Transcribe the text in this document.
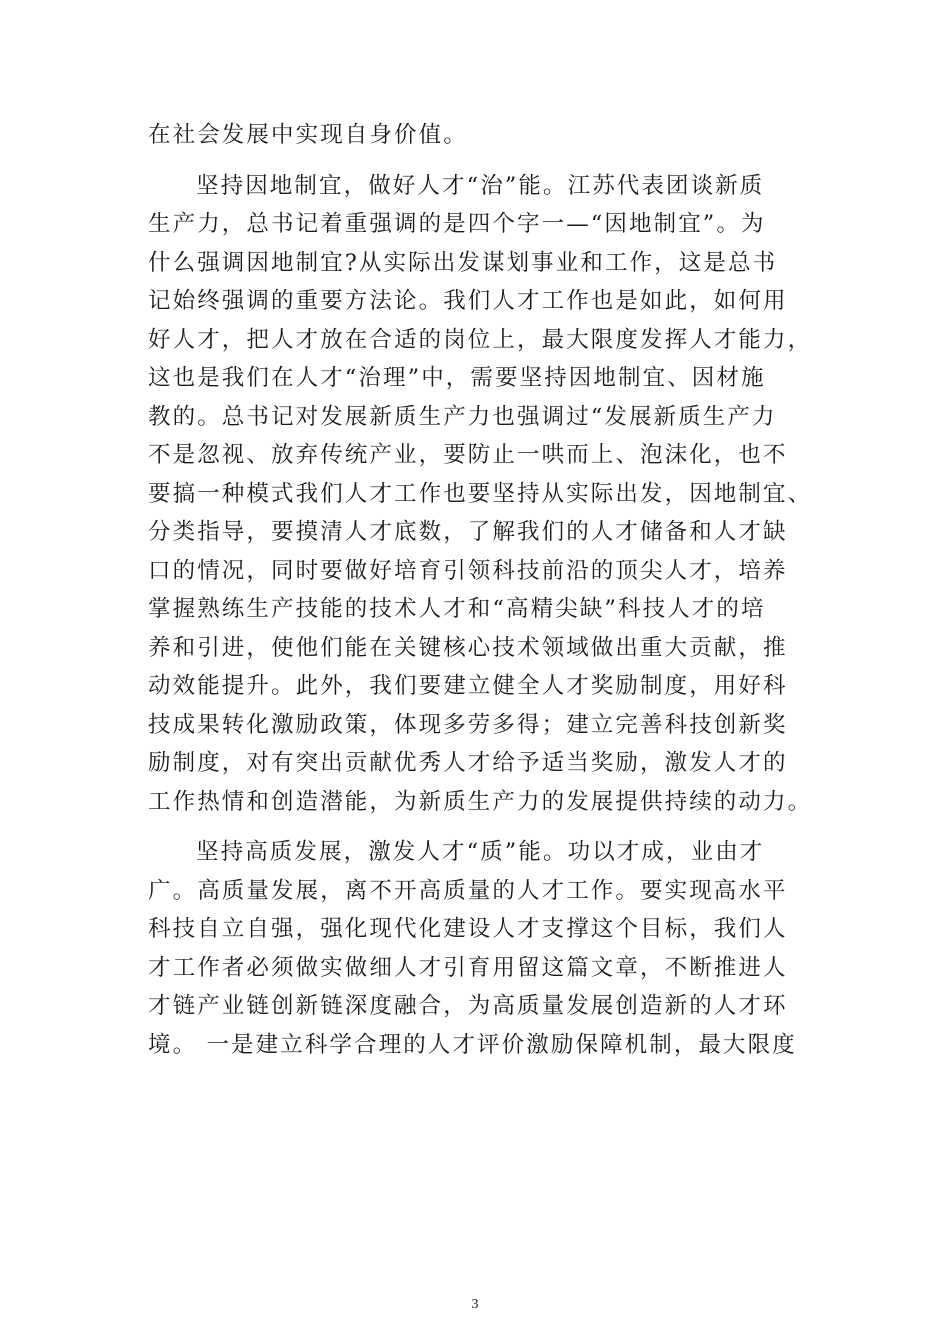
在社会发展中实现自身价值。
坚持因地制宜，做好人才“治”能。江苏代表团谈新质
生产力，总书记着重强调的是四个字一—“因地制宜”。为
什么强调因地制宜?从实际出发谋划事业和工作，这是总书
记始终强调的重要方法论。我们人才工作也是如此，如何用
好人才，把人才放在合适的岗位上，最大限度发挥人才能力，
这也是我们在人才“治理”中，需要坚持因地制宜、因材施
教的。总书记对发展新质生产力也强调过“发展新质生产力
不是忽视、放弃传统产业，要防止一哄而上、泡沫化，也不
要搞一种模式我们人才工作也要坚持从实际出发，因地制宜、
分类指导，要摸清人才底数，了解我们的人才储备和人才缺
口的情况，同时要做好培育引领科技前沿的顶尖人才，培养
掌握熟练生产技能的技术人才和“高精尖缺”科技人才的培
养和引进，使他们能在关键核心技术领域做出重大贡献，推
动效能提升。此外，我们要建立健全人才奖励制度，用好科
技成果转化激励政策，体现多劳多得；建立完善科技创新奖
励制度，对有突出贡献优秀人才给予适当奖励，激发人才的
工作热情和创造潜能，为新质生产力的发展提供持续的动力。
坚持高质发展，激发人才“质”能。功以才成，业由才
广。高质量发展，离不开高质量的人才工作。要实现高水平
科技自立自强，强化现代化建设人才支撑这个目标，我们人
才工作者必须做实做细人才引育用留这篇文章，不断推进人
才链产业链创新链深度融合，为高质量发展创造新的人才环
境。 一是建立科学合理的人才评价激励保障机制，最大限度
3
